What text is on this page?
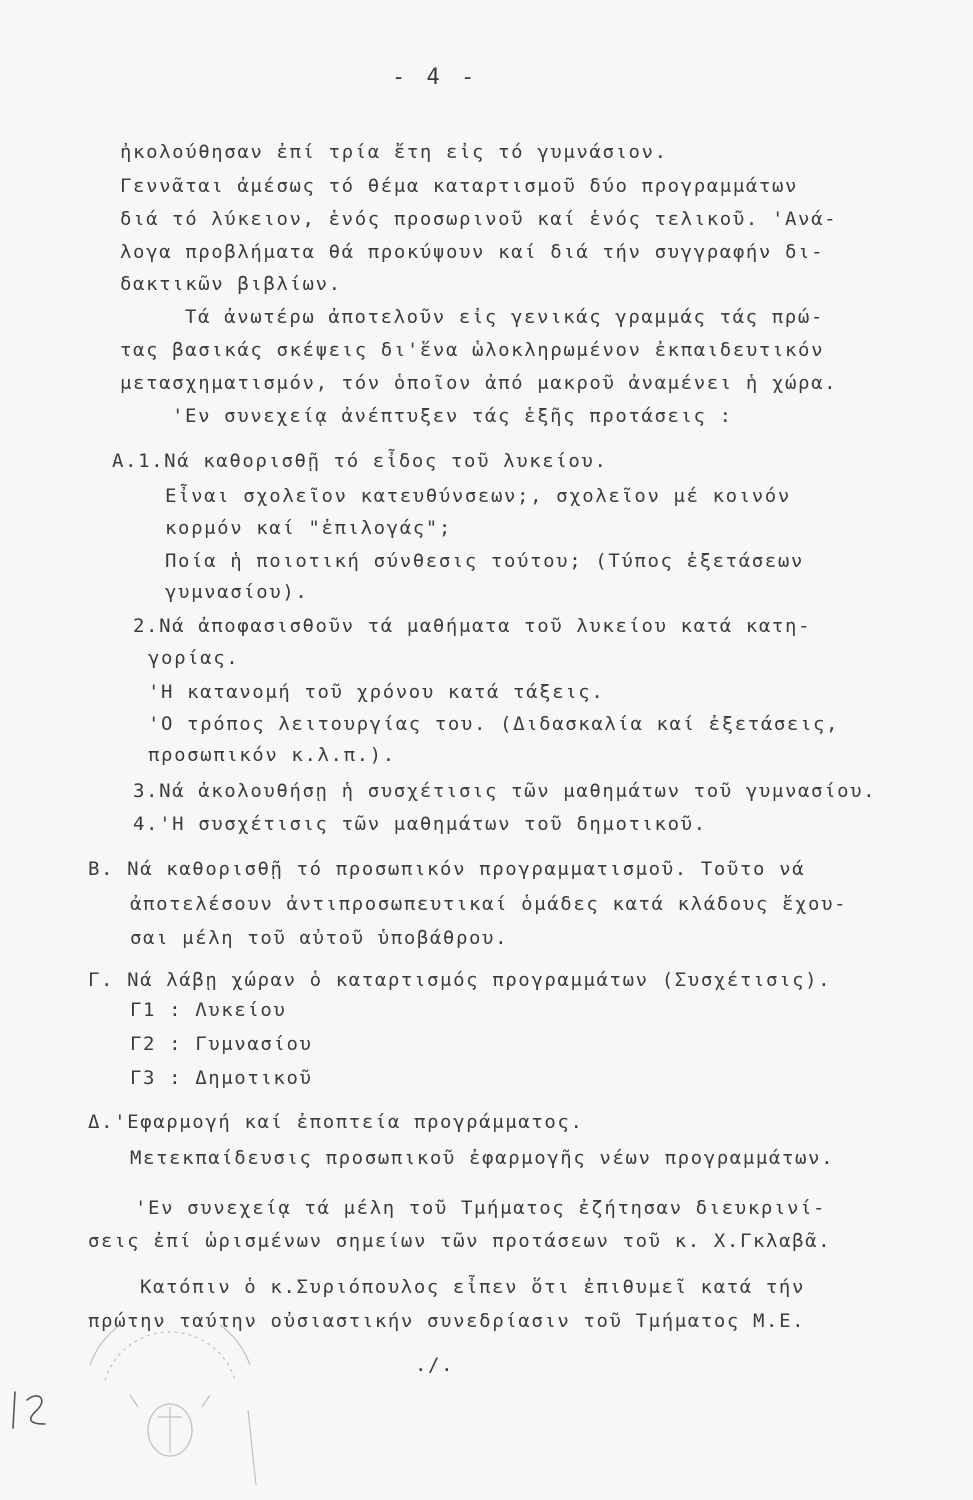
- 4 -
ἠκολούθησαν ἐπί τρία ἔτη εἰς τό γυμνάσιον.
Γεννᾶται ἀμέσως τό θέμα καταρτισμοῦ δύο προγραμμάτων
διά τό λύκειον, ἑνός προσωρινοῦ καί ἑνός τελικοῦ. 'Ανά-
λογα προβλήματα θά προκύψουν καί διά τήν συγγραφήν δι-
δακτικῶν βιβλίων.
Τά ἀνωτέρω ἀποτελοῦν εἰς γενικάς γραμμάς τάς πρώ-
τας βασικάς σκέψεις δι'ἕνα ὡλοκληρωμένον ἐκπαιδευτικόν
μετασχηματισμόν, τόν ὁποῖον ἀπό μακροῦ ἀναμένει ἡ χώρα.
'Εν συνεχείᾳ ἀνέπτυξεν τάς ἑξῆς προτάσεις :
Α.1.Νά καθορισθῇ τό εἶδος τοῦ λυκείου.
Εἶναι σχολεῖον κατευθύνσεων;, σχολεῖον μέ κοινόν
κορμόν καί "ἐπιλογάς";
Ποία ἡ ποιοτική σύνθεσις τούτου; (Τύπος ἐξετάσεων
γυμνασίου).
2.Νά ἀποφασισθοῦν τά μαθήματα τοῦ λυκείου κατά κατη-
γορίας.
'Η κατανομή τοῦ χρόνου κατά τάξεις.
'Ο τρόπος λειτουργίας του. (Διδασκαλία καί ἐξετάσεις,
προσωπικόν κ.λ.π.).
3.Νά ἀκολουθήσῃ ἡ συσχέτισις τῶν μαθημάτων τοῦ γυμνασίου.
4.'Η συσχέτισις τῶν μαθημάτων τοῦ δημοτικοῦ.
Β. Νά καθορισθῇ τό προσωπικόν προγραμματισμοῦ. Τοῦτο νά
ἀποτελέσουν ἀντιπροσωπευτικαί ὁμάδες κατά κλάδους ἔχου-
σαι μέλη τοῦ αὐτοῦ ὑποβάθρου.
Γ. Νά λάβῃ χώραν ὁ καταρτισμός προγραμμάτων (Συσχέτισις).
Γ1 : Λυκείου
Γ2 : Γυμνασίου
Γ3 : Δημοτικοῦ
Δ.'Εφαρμογή καί ἐποπτεία προγράμματος.
Μετεκπαίδευσις προσωπικοῦ ἐφαρμογῆς νέων προγραμμάτων.
'Εν συνεχείᾳ τά μέλη τοῦ Τμήματος ἐζήτησαν διευκρινί-
σεις ἐπί ὡρισμένων σημείων τῶν προτάσεων τοῦ κ. Χ.Γκλαβᾶ.
Κατόπιν ὁ κ.Συριόπουλος εἶπεν ὅτι ἐπιθυμεῖ κατά τήν
πρώτην ταύτην οὐσιαστικήν συνεδρίασιν τοῦ Τμήματος Μ.Ε.
./.
